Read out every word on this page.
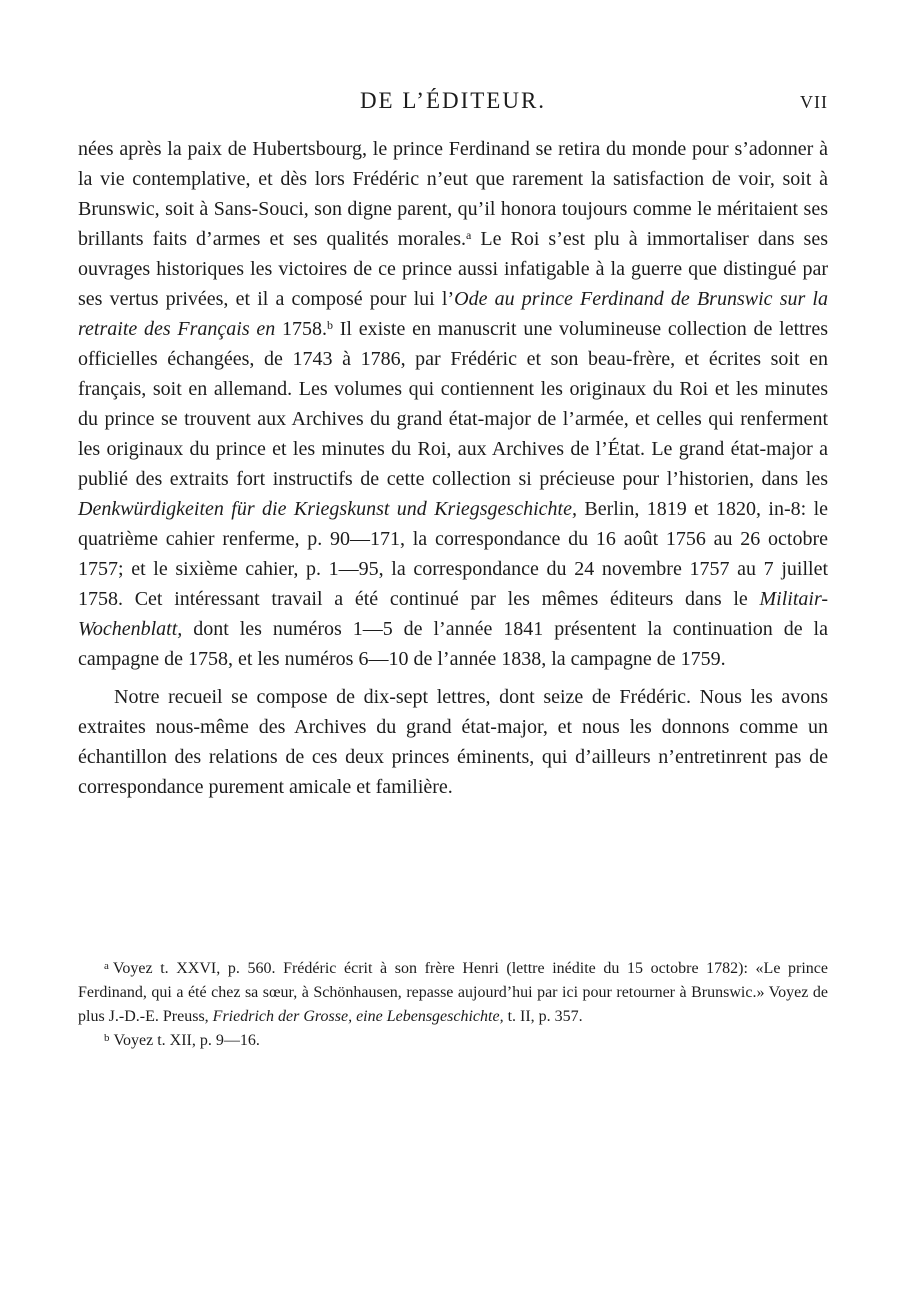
DE L’ÉDITEUR.	VII

nées après la paix de Hubertsbourg, le prince Ferdinand se retira du monde pour s’adonner à la vie contemplative, et dès lors Frédéric n’eut que rarement la satisfaction de voir, soit à Brunswic, soit à Sans-Souci, son digne parent, qu’il honora toujours comme le méritaient ses brillants faits d’armes et ses qualités morales.$^a$ Le Roi s’est plu à immortaliser dans ses ouvrages historiques les victoires de ce prince aussi infatigable à la guerre que distingué par ses vertus privées, et il a composé pour lui l’Ode au prince Ferdinand de Brunswic sur la retraite des Français en 1758.$^b$ Il existe en manuscrit une volumineuse collection de lettres officielles échangées, de 1743 à 1786, par Frédéric et son beau-frère, et écrites soit en français, soit en allemand. Les volumes qui contiennent les originaux du Roi et les minutes du prince se trouvent aux Archives du grand état-major de l’armée, et celles qui renferment les originaux du prince et les minutes du Roi, aux Archives de l’État. Le grand état-major a publié des extraits fort instructifs de cette collection si précieuse pour l’historien, dans les Denkwürdigkeiten für die Kriegskunst und Kriegsgeschichte, Berlin, 1819 et 1820, in-8: le quatrième cahier renferme, p. 90—171, la correspondance du 16 août 1756 au 26 octobre 1757; et le sixième cahier, p. 1—95, la correspondance du 24 novembre 1757 au 7 juillet 1758. Cet intéressant travail a été continué par les mêmes éditeurs dans le Militair-Wochenblatt, dont les numéros 1—5 de l’année 1841 présentent la continuation de la campagne de 1758, et les numéros 6—10 de l’année 1838, la campagne de 1759.

Notre recueil se compose de dix-sept lettres, dont seize de Frédéric. Nous les avons extraites nous-même des Archives du grand état-major, et nous les donnons comme un échantillon des relations de ces deux princes éminents, qui d’ailleurs n’entretinrent pas de correspondance purement amicale et familière.

$^a$ Voyez t. XXVI, p. 560. Frédéric écrit à son frère Henri (lettre inédite du 15 octobre 1782): «Le prince Ferdinand, qui a été chez sa sœur, à Schönhausen, repasse aujourd’hui par ici pour retourner à Brunswic.» Voyez de plus J.-D.-E. Preuss, Friedrich der Grosse, eine Lebensgeschichte, t. II, p. 357.

$^b$ Voyez t. XII, p. 9—16.
